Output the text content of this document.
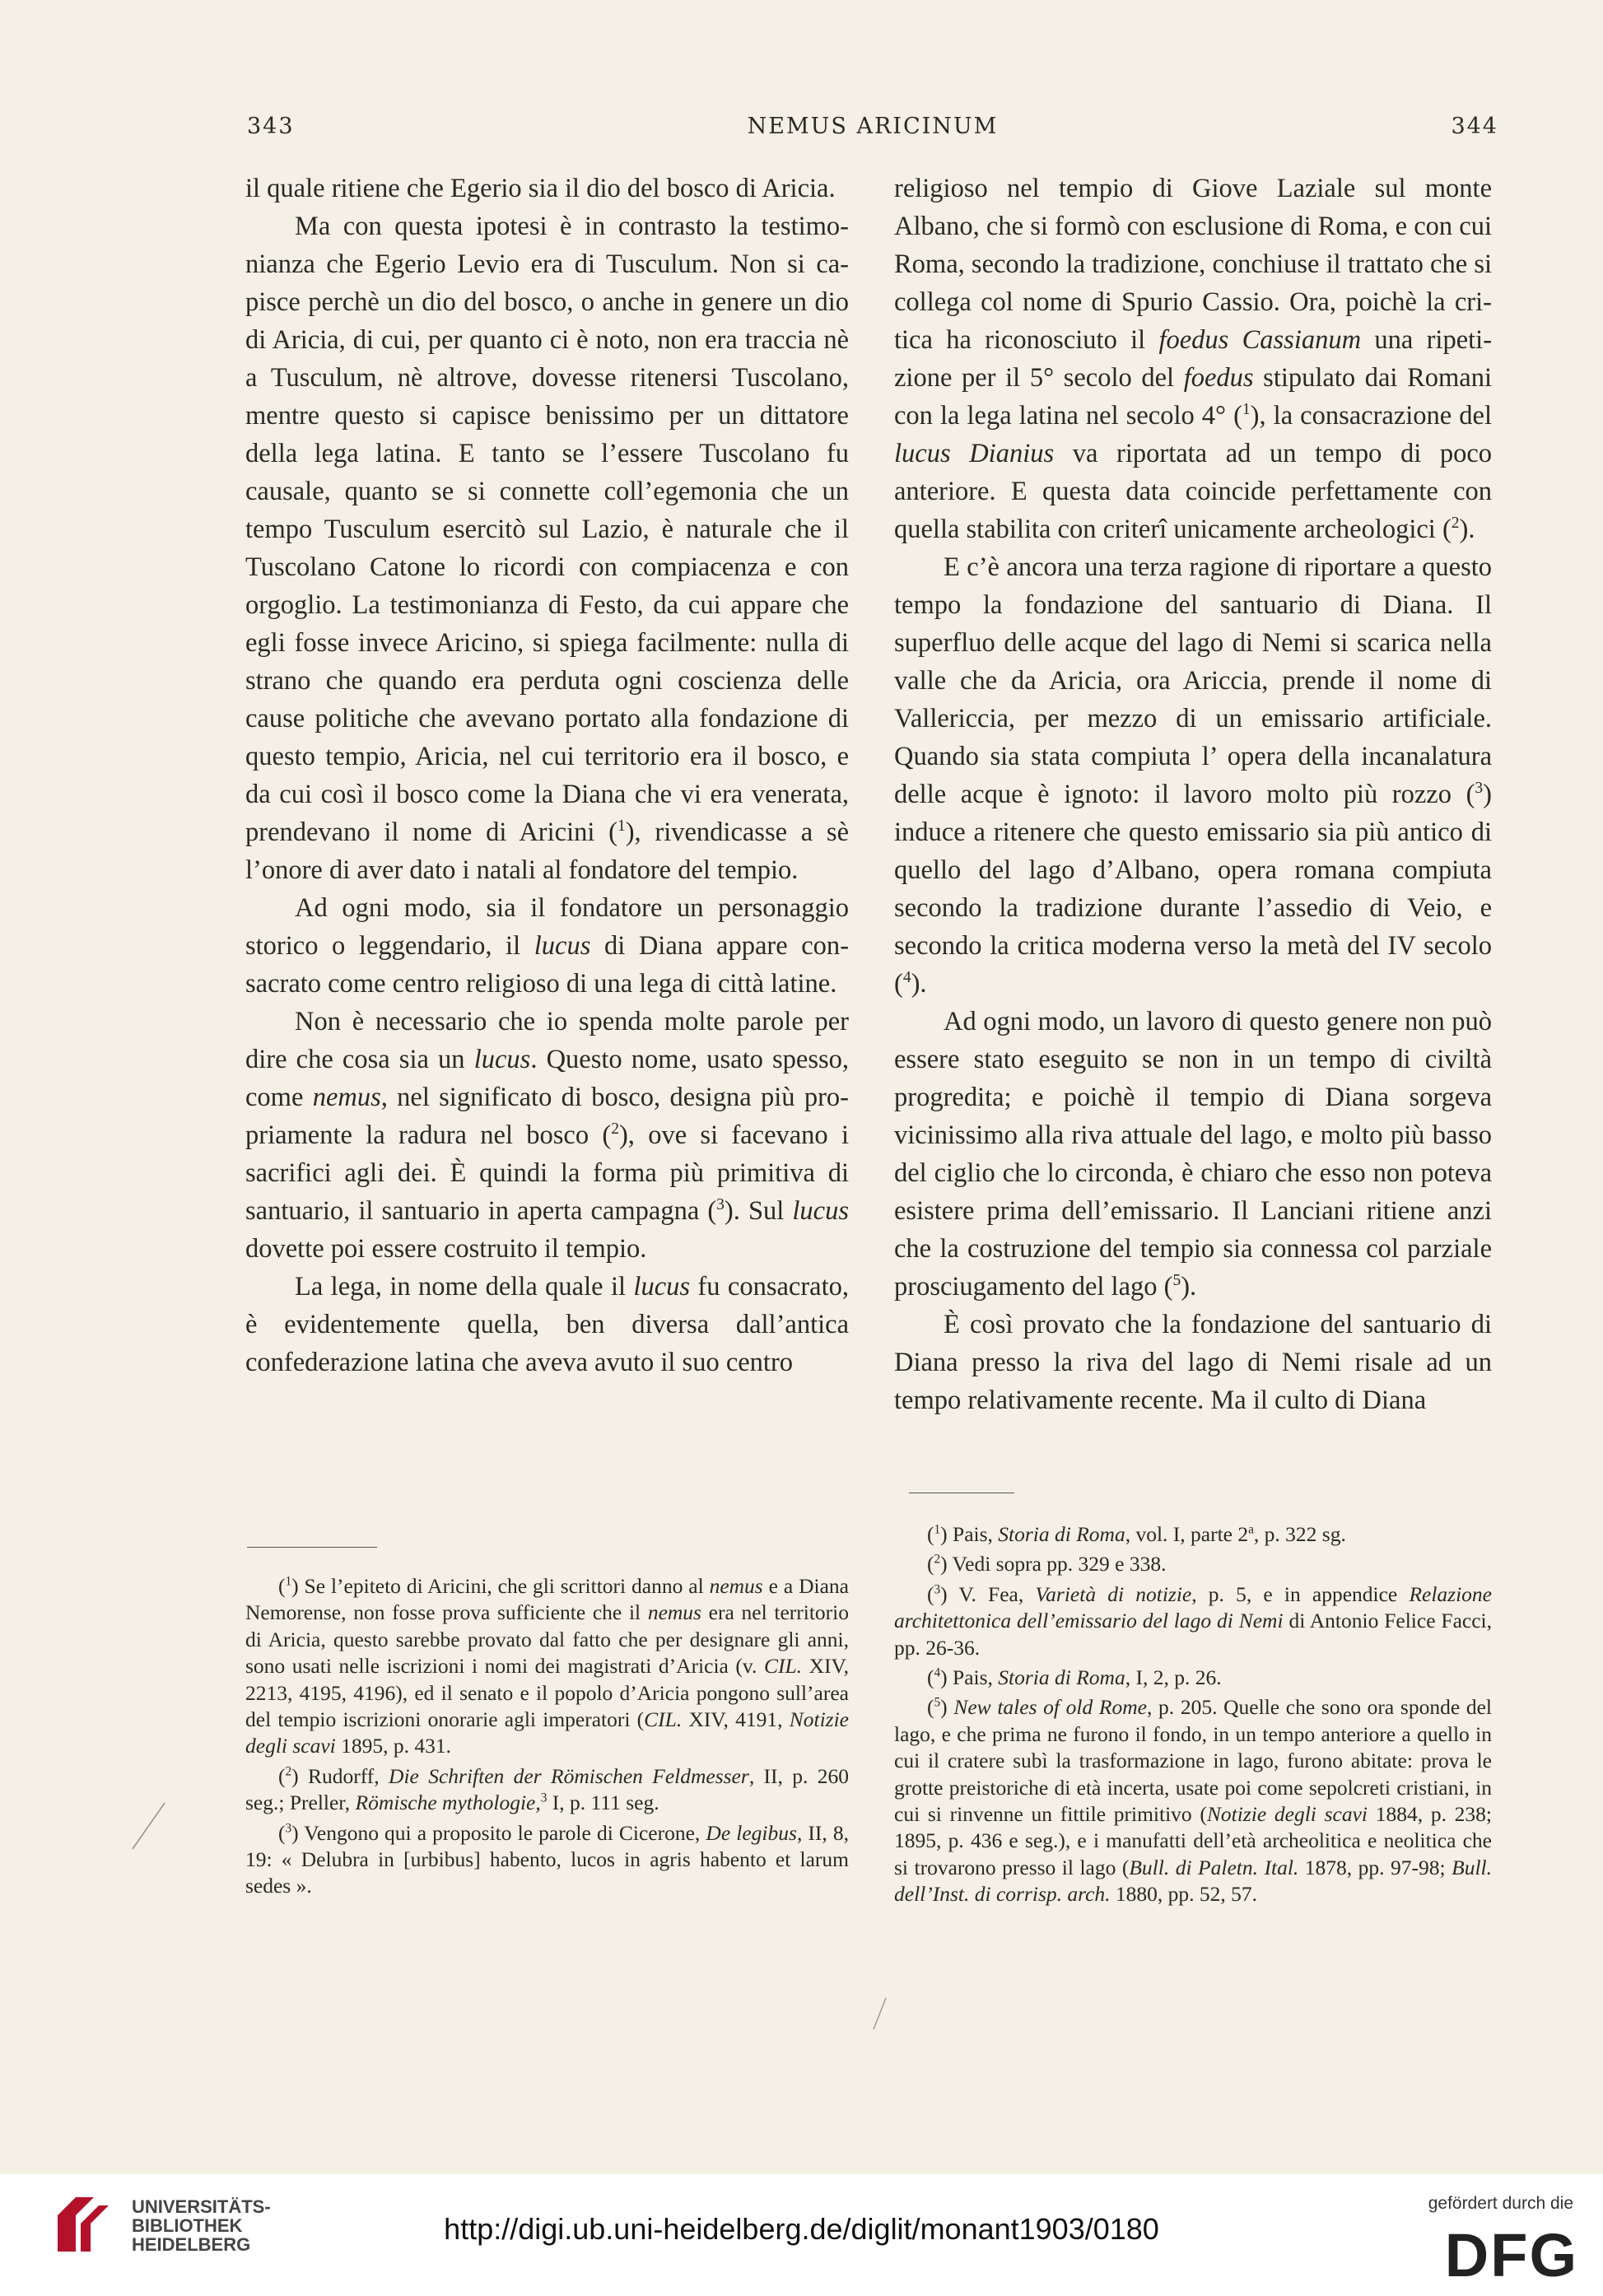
343	NEMUS ARICINUM	344

il quale ritiene che Egerio sia il dio del bosco di Aricia.

Ma con questa ipotesi è in contrasto la testimonianza che Egerio Levio era di Tusculum. Non si capisce perchè un dio del bosco, o anche in genere un dio di Aricia, di cui, per quanto ci è noto, non era traccia nè a Tusculum, nè altrove, dovesse ritenersi Tuscolano, mentre questo si capisce benissimo per un dittatore della lega latina. E tanto se l’essere Tuscolano fu causale, quanto se si connette coll’egemonia che un tempo Tusculum esercitò sul Lazio, è naturale che il Tuscolano Catone lo ricordi con compiacenza e con orgoglio. La testimonianza di Festo, da cui appare che egli fosse invece Aricino, si spiega facilmente: nulla di strano che quando era perduta ogni coscienza delle cause politiche che avevano portato alla fondazione di questo tempio, Aricia, nel cui territorio era il bosco, e da cui così il bosco come la Diana che vi era venerata, prendevano il nome di Aricini ($^1$), rivendicasse a sè l’onore di aver dato i natali al fondatore del tempio.

Ad ogni modo, sia il fondatore un personaggio storico o leggendario, il lucus di Diana appare consacrato come centro religioso di una lega di città latine.

Non è necessario che io spenda molte parole per dire che cosa sia un lucus. Questo nome, usato spesso, come nemus, nel significato di bosco, designa più propriamente la radura nel bosco ($^2$), ove si facevano i sacrifici agli dei. È quindi la forma più primitiva di santuario, il santuario in aperta campagna ($^3$). Sul lucus dovette poi essere costruito il tempio.

La lega, in nome della quale il lucus fu consacrato, è evidentemente quella, ben diversa dall’antica confederazione latina che aveva avuto il suo centro

religioso nel tempio di Giove Laziale sul monte Albano, che si formò con esclusione di Roma, e con cui Roma, secondo la tradizione, conchiuse il trattato che si collega col nome di Spurio Cassio. Ora, poichè la critica ha riconosciuto il foedus Cassianum una ripetizione per il 5° secolo del foedus stipulato dai Romani con la lega latina nel secolo 4° ($^1$), la consacrazione del lucus Dianius va riportata ad un tempo di poco anteriore. E questa data coincide perfettamente con quella stabilita con criterî unicamente archeologici ($^2$).

E c’è ancora una terza ragione di riportare a questo tempo la fondazione del santuario di Diana. Il superfluo delle acque del lago di Nemi si scarica nella valle che da Aricia, ora Ariccia, prende il nome di Vallericcia, per mezzo di un emissario artificiale. Quando sia stata compiuta l’ opera della incanalatura delle acque è ignoto: il lavoro molto più rozzo ($^3$) induce a ritenere che questo emissario sia più antico di quello del lago d’Albano, opera romana compiuta secondo la tradizione durante l’assedio di Veio, e secondo la critica moderna verso la metà del IV secolo ($^4$).

Ad ogni modo, un lavoro di questo genere non può essere stato eseguito se non in un tempo di civiltà progredita; e poichè il tempio di Diana sorgeva vicinissimo alla riva attuale del lago, e molto più basso del ciglio che lo circonda, è chiaro che esso non poteva esistere prima dell’emissario. Il Lanciani ritiene anzi che la costruzione del tempio sia connessa col parziale prosciugamento del lago ($^5$).

È così provato che la fondazione del santuario di Diana presso la riva del lago di Nemi risale ad un tempo relativamente recente. Ma il culto di Diana

($^1$) Se l’epiteto di Aricini, che gli scrittori danno al nemus e a Diana Nemorense, non fosse prova sufficiente che il nemus era nel territorio di Aricia, questo sarebbe provato dal fatto che per designare gli anni, sono usati nelle iscrizioni i nomi dei magistrati d’Aricia (v. CIL. XIV, 2213, 4195, 4196), ed il senato e il popolo d’Aricia pongono sull’area del tempio iscrizioni onorarie agli imperatori (CIL. XIV, 4191, Notizie degli scavi 1895, p. 431.

($^2$) Rudorff, Die Schriften der Römischen Feldmesser, II, p. 260 seg.; Preller, Römische mythologie,$^3$ I, p. 111 seg.

($^3$) Vengono qui a proposito le parole di Cicerone, De legibus, II, 8, 19: « Delubra in [urbibus] habento, lucos in agris habento et larum sedes ».

($^1$) Pais, Storia di Roma, vol. I, parte 2$^a$, p. 322 sg.

($^2$) Vedi sopra pp. 329 e 338.

($^3$) V. Fea, Varietà di notizie, p. 5, e in appendice Relazione architettonica dell’emissario del lago di Nemi di Antonio Felice Facci, pp. 26-36.

($^4$) Pais, Storia di Roma, I, 2, p. 26.

($^5$) New tales of old Rome, p. 205. Quelle che sono ora sponde del lago, e che prima ne furono il fondo, in un tempo anteriore a quello in cui il cratere subì la trasformazione in lago, furono abitate: prova le grotte preistoriche di età incerta, usate poi come sepolcreti cristiani, in cui si rinvenne un fittile primitivo (Notizie degli scavi 1884, p. 238; 1895, p. 436 e seg.), e i manufatti dell’età archeolitica e neolitica che si trovarono presso il lago (Bull. di Paletn. Ital. 1878, pp. 97-98; Bull. dell’Inst. di corrisp. arch. 1880, pp. 52, 57.

UNIVERSITÄTS-
BIBLIOTHEK
HEIDELBERG	http://digi.ub.uni-heidelberg.de/diglit/monant1903/0180
gefördert durch die
DFG
